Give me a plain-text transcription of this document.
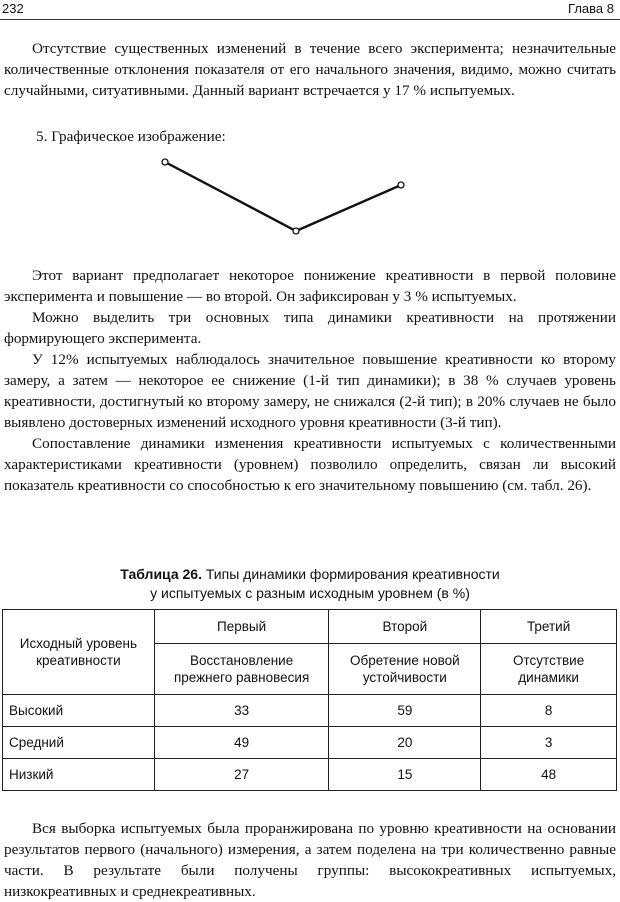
232	Глава 8

Отсутствие существенных изменений в течение всего эксперимента; незначительные количественные отклонения показателя от его начального значения, видимо, можно считать случайными, ситуативными. Данный вариант встречается у 17 % испытуемых.

5. Графическое изображение:

Этот вариант предполагает некоторое понижение креативности в первой половине эксперимента и повышение — во второй. Он зафиксирован у 3 % испытуемых.

Можно выделить три основных типа динамики креативности на протяжении формирующего эксперимента.

У 12% испытуемых наблюдалось значительное повышение креативности ко второму замеру, а затем — некоторое ее снижение (1-й тип динамики); в 38 % случаев уровень креативности, достигнутый ко второму замеру, не снижался (2-й тип); в 20% случаев не было выявлено достоверных изменений исходного уровня креативности (3-й тип).

Сопоставление динамики изменения креативности испытуемых с количественными характеристиками креативности (уровнем) позволило определить, связан ли высокий показатель креативности со способностью к его значительному повышению (см. табл. 26).

Таблица 26. Типы динамики формирования креативности
у испытуемых с разным исходным уровнем (в %)
Исходный уровень креативности	Первый	Второй	Третий
	Восстановление прежнего равновесия	Обретение новой устойчивости	Отсутствие динамики
Высокий	33	59	8
Средний	49	20	3
Низкий	27	15	48

Вся выборка испытуемых была проранжирована по уровню креативности на основании результатов первого (начального) измерения, а затем поделена на три количественно равные части. В результате были получены группы: высококреативных испытуемых, низкокреативных и среднекреативных.
